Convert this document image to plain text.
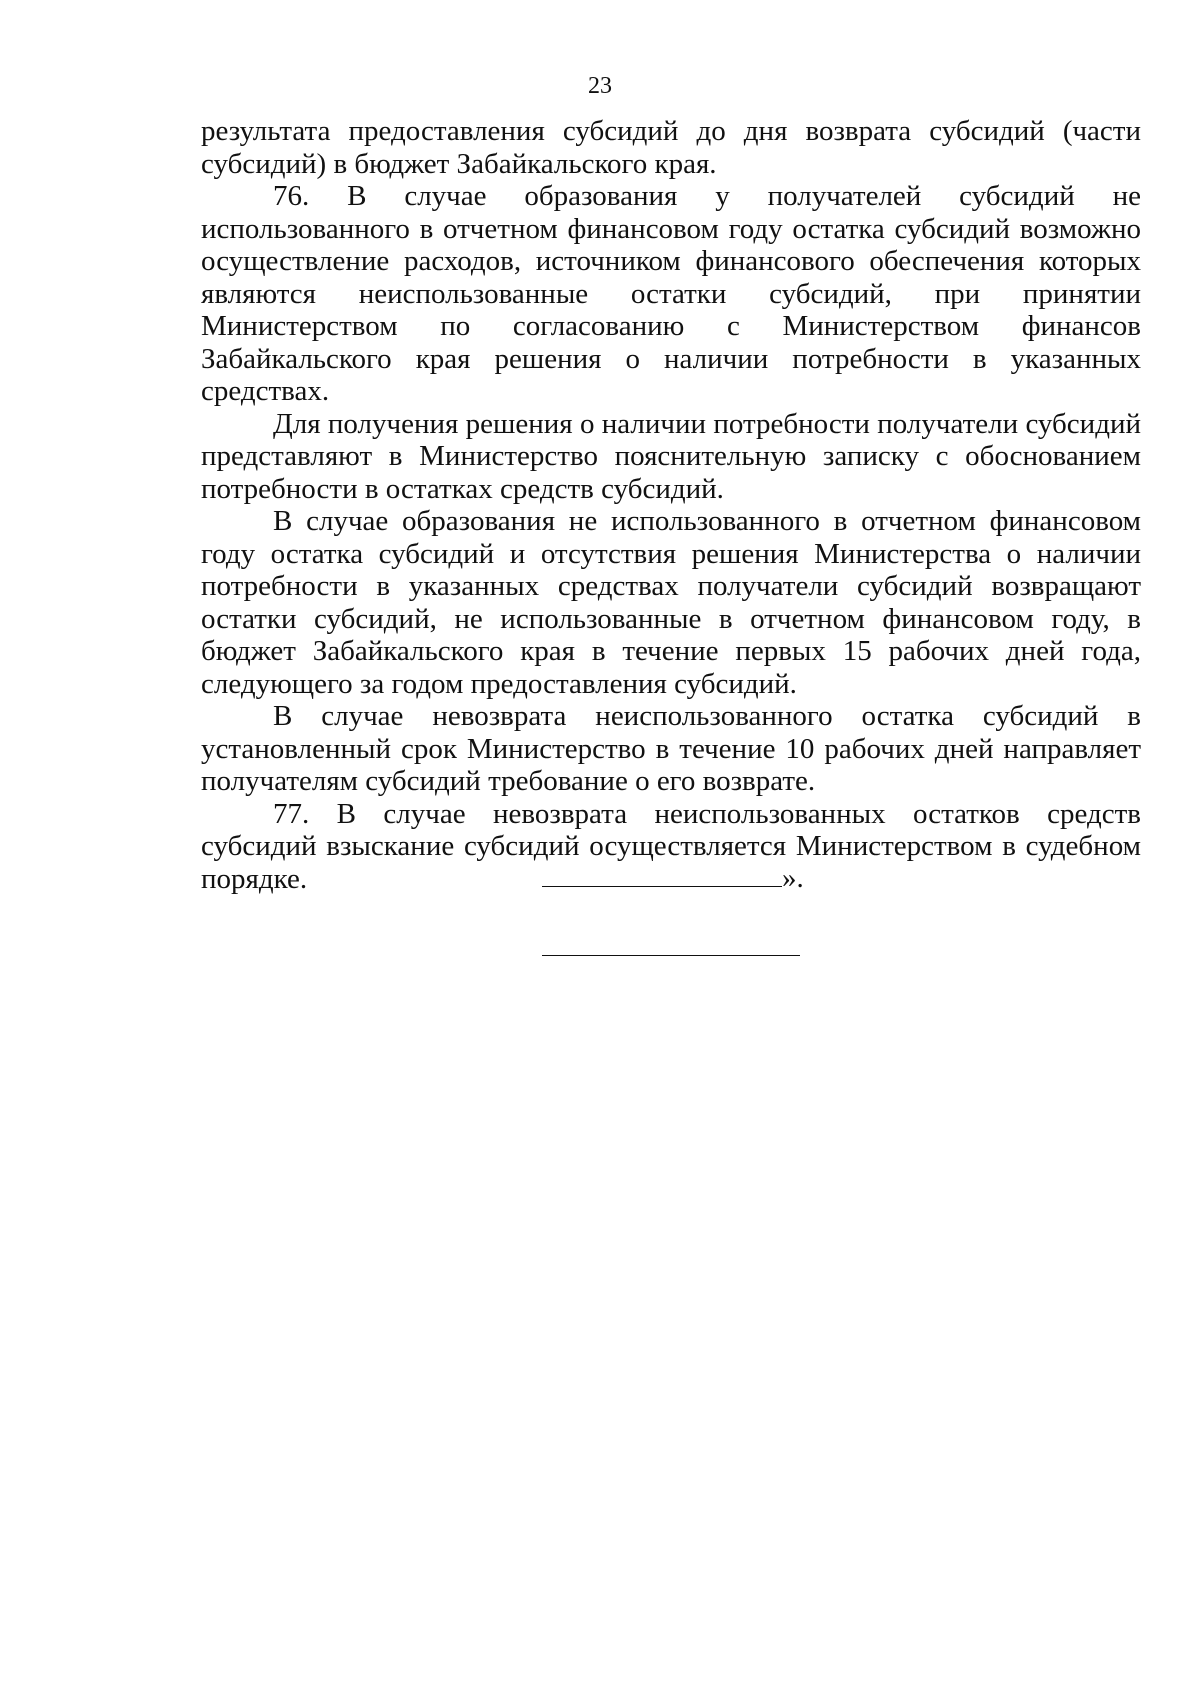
23

результата предоставления субсидий до дня возврата субсидий (части субсидий) в бюджет Забайкальского края.

76. В случае образования у получателей субсидий не использованного в отчетном финансовом году остатка субсидий возможно осуществление расходов, источником финансового обеспечения которых являются неиспользованные остатки субсидий, при принятии Министерством по согласованию с Министерством финансов Забайкальского края решения о наличии потребности в указанных средствах.

Для получения решения о наличии потребности получатели субсидий представляют в Министерство пояснительную записку с обоснованием потребности в остатках средств субсидий.

В случае образования не использованного в отчетном финансовом году остатка субсидий и отсутствия решения Министерства о наличии потребности в указанных средствах получатели субсидий возвращают остатки субсидий, не использованные в отчетном финансовом году, в бюджет Забайкальского края в течение первых 15 рабочих дней года, следующего за годом предоставления субсидий.

В случае невозврата неиспользованного остатка субсидий в установленный срок Министерство в течение 10 рабочих дней направляет получателям субсидий требование о его возврате.

77. В случае невозврата неиспользованных остатков средств субсидий взыскание субсидий осуществляется Министерством в судебном порядке.	».
